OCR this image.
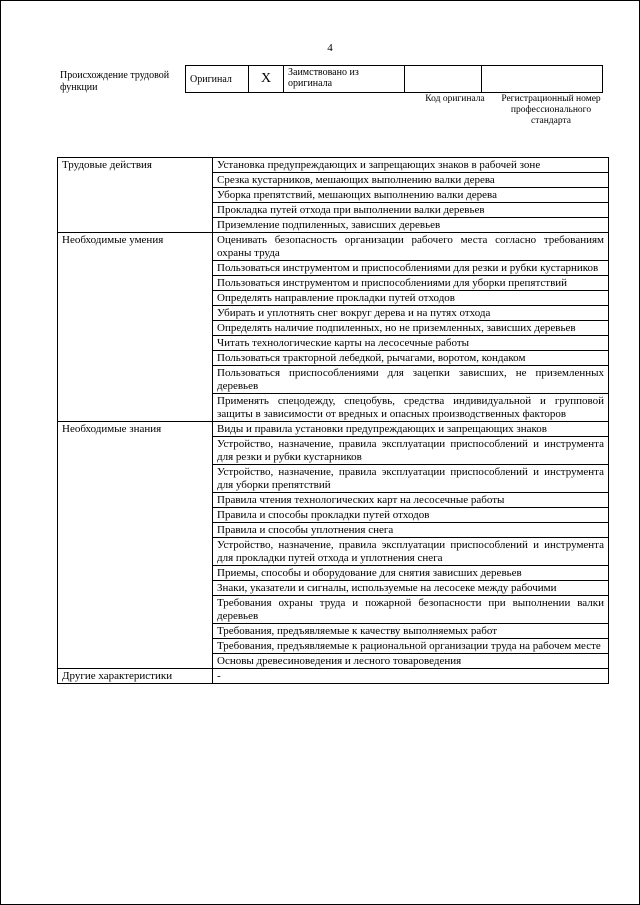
4
Происхождение трудовой функции
Оригинал	X	Заимствовано из оригинала		
Код оригинала	Регистрационный номер профессионального стандарта
Трудовые действия	Установка предупреждающих и запрещающих знаков в рабочей зоне
	Срезка кустарников, мешающих выполнению валки дерева
	Уборка препятствий, мешающих выполнению валки дерева
	Прокладка путей отхода при выполнении валки деревьев
	Приземление подпиленных, зависших деревьев
Необходимые умения	Оценивать безопасность организации рабочего места согласно требованиям охраны труда
	Пользоваться инструментом и приспособлениями для резки и рубки кустарников
	Пользоваться инструментом и приспособлениями для уборки препятствий
	Определять направление прокладки путей отходов
	Убирать и уплотнять снег вокруг дерева и на путях отхода
	Определять наличие подпиленных, но не приземленных, зависших деревьев
	Читать технологические карты на лесосечные работы
	Пользоваться тракторной лебедкой, рычагами, воротом, кондаком
	Пользоваться приспособлениями для зацепки зависших, не приземленных деревьев
	Применять спецодежду, спецобувь, средства индивидуальной и групповой защиты в зависимости от вредных и опасных производственных факторов
Необходимые знания	Виды и правила установки предупреждающих и запрещающих знаков
	Устройство, назначение, правила эксплуатации приспособлений и инструмента для резки и рубки кустарников
	Устройство, назначение, правила эксплуатации приспособлений и инструмента для уборки препятствий
	Правила чтения технологических карт на лесосечные работы
	Правила и способы прокладки путей отходов
	Правила и способы уплотнения снега
	Устройство, назначение, правила эксплуатации приспособлений и инструмента для прокладки путей отхода и уплотнения снега
	Приемы, способы и оборудование для снятия зависших деревьев
	Знаки, указатели и сигналы, используемые на лесосеке между рабочими
	Требования охраны труда и пожарной безопасности при выполнении валки деревьев
	Требования, предъявляемые к качеству выполняемых работ
	Требования, предъявляемые к рациональной организации труда на рабочем месте
	Основы древесиноведения и лесного товароведения
Другие характеристики	-
